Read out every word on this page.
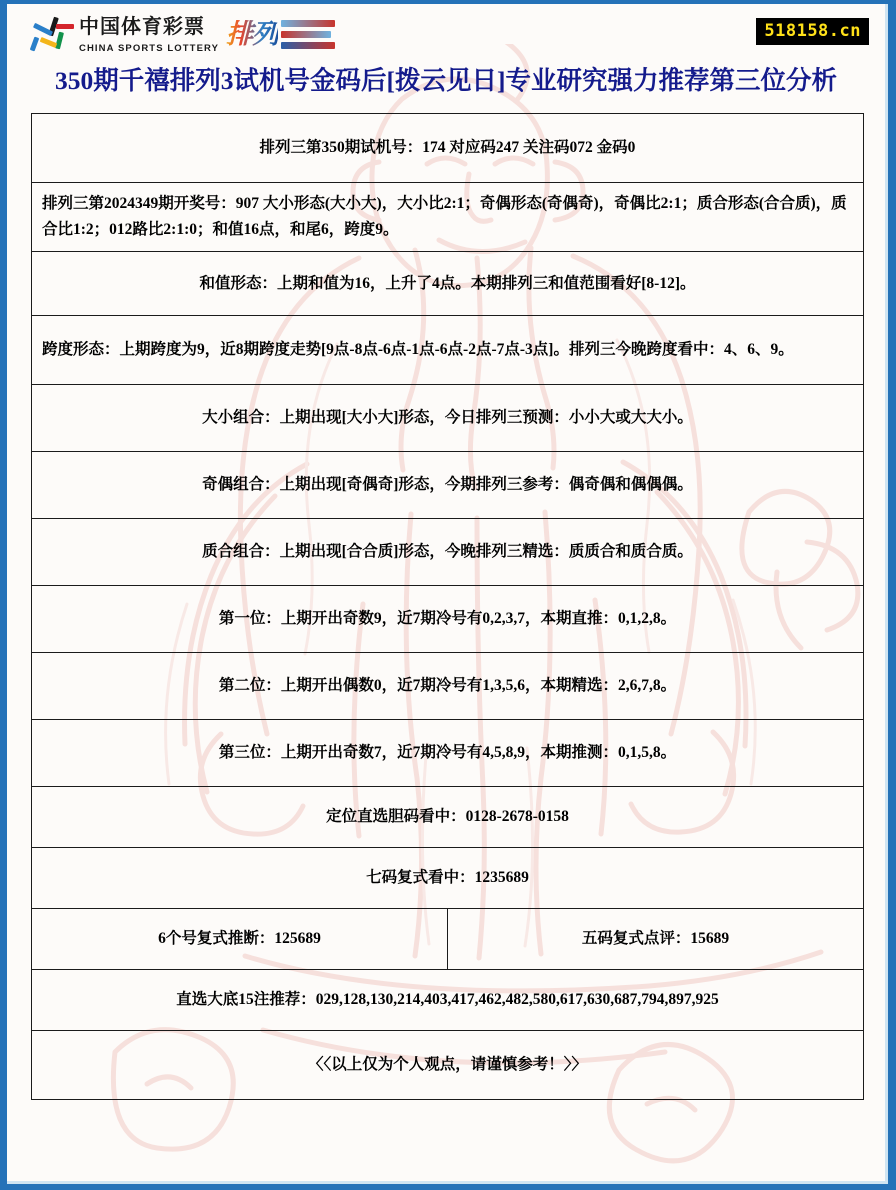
中国体育彩票
CHINA SPORTS LOTTERY 排列	518158.cn
350期千禧排列3试机号金码后[拨云见日]专业研究强力推荐第三位分析
排列三第350期试机号：174 对应码247 关注码072 金码0
排列三第2024349期开奖号：907 大小形态(大小大)，大小比2:1；奇偶形态(奇偶奇)，奇偶比2:1；质合形态(合合质)，质合比1:2；012路比2:1:0；和值16点，和尾6，跨度9。
和值形态：上期和值为16，上升了4点。本期排列三和值范围看好[8-12]。
跨度形态：上期跨度为9，近8期跨度走势[9点-8点-6点-1点-6点-2点-7点-3点]。排列三今晚跨度看中：4、6、9。
大小组合：上期出现[大小大]形态，今日排列三预测：小小大或大大小。
奇偶组合：上期出现[奇偶奇]形态，今期排列三参考：偶奇偶和偶偶偶。
质合组合：上期出现[合合质]形态，今晚排列三精选：质质合和质合质。
第一位：上期开出奇数9，近7期冷号有0,2,3,7，本期直推：0,1,2,8。
第二位：上期开出偶数0，近7期冷号有1,3,5,6，本期精选：2,6,7,8。
第三位：上期开出奇数7，近7期冷号有4,5,8,9，本期推测：0,1,5,8。
定位直选胆码看中：0128-2678-0158
七码复式看中：1235689
6个号复式推断：125689	五码复式点评：15689
直选大底15注推荐：029,128,130,214,403,417,462,482,580,617,630,687,794,897,925
〈〈以上仅为个人观点，请谨慎参考！〉〉
